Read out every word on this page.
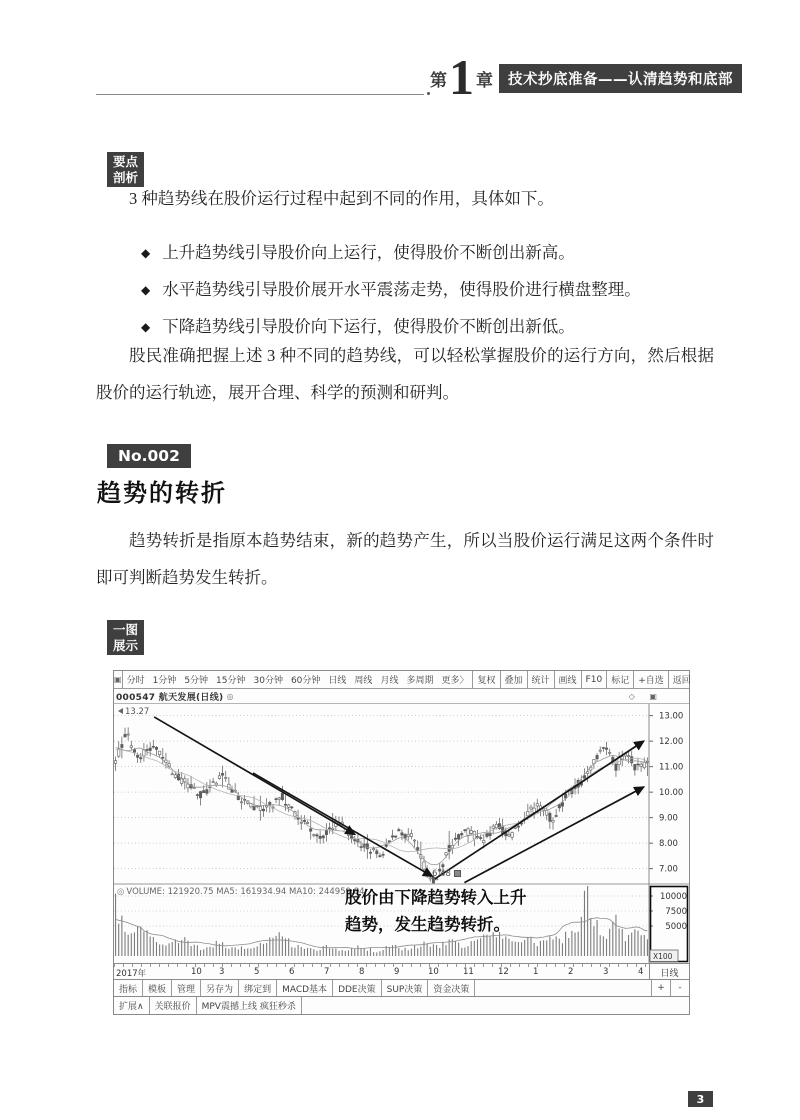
第 1 章	技术抄底准备——认清趋势和底部
要点
剖析

3 种趋势线在股价运行过程中起到不同的作用，具体如下。

◆ 上升趋势线引导股价向上运行，使得股价不断创出新高。
◆ 水平趋势线引导股价展开水平震荡走势，使得股价进行横盘整理。
◆ 下降趋势线引导股价向下运行，使得股价不断创出新低。

股民准确把握上述 3 种不同的趋势线，可以轻松掌握股价的运行方向，然后根据股价的运行轨迹，展开合理、科学的预测和研判。

No.002
趋势的转折

趋势转折是指原本趋势结束，新的趋势产生，所以当股价运行满足这两个条件时即可判断趋势发生转折。

一图
展示
▣ 分时 1分钟 5分钟 15分钟 30分钟 60分钟 日线 周线 月线 多周期 更多〉	复权	叠加	统计	画线	F10	标记	+自选	返回
000547 航天发展(日线) ◎	◇ ▣
13.00
12.00
11.00
10.00
9.00
8.00
7.00
10000
7500
5000
X100
13.27
6.48
◎ VOLUME: 121920.75 MA5: 161934.94 MA10: 244959.84
股价由下降趋势转入上升
趋势，发生趋势转折。
日线
2017年	10 3	5	6	7	8	9	10	11	12	1	2	3	4
指标	模板	管理	另存为	绑定到	MACD基本	DDE决策	SUP决策	资金决策	+	-
扩展∧	关联报价	MPV震撼上线 疯狂秒杀
3
